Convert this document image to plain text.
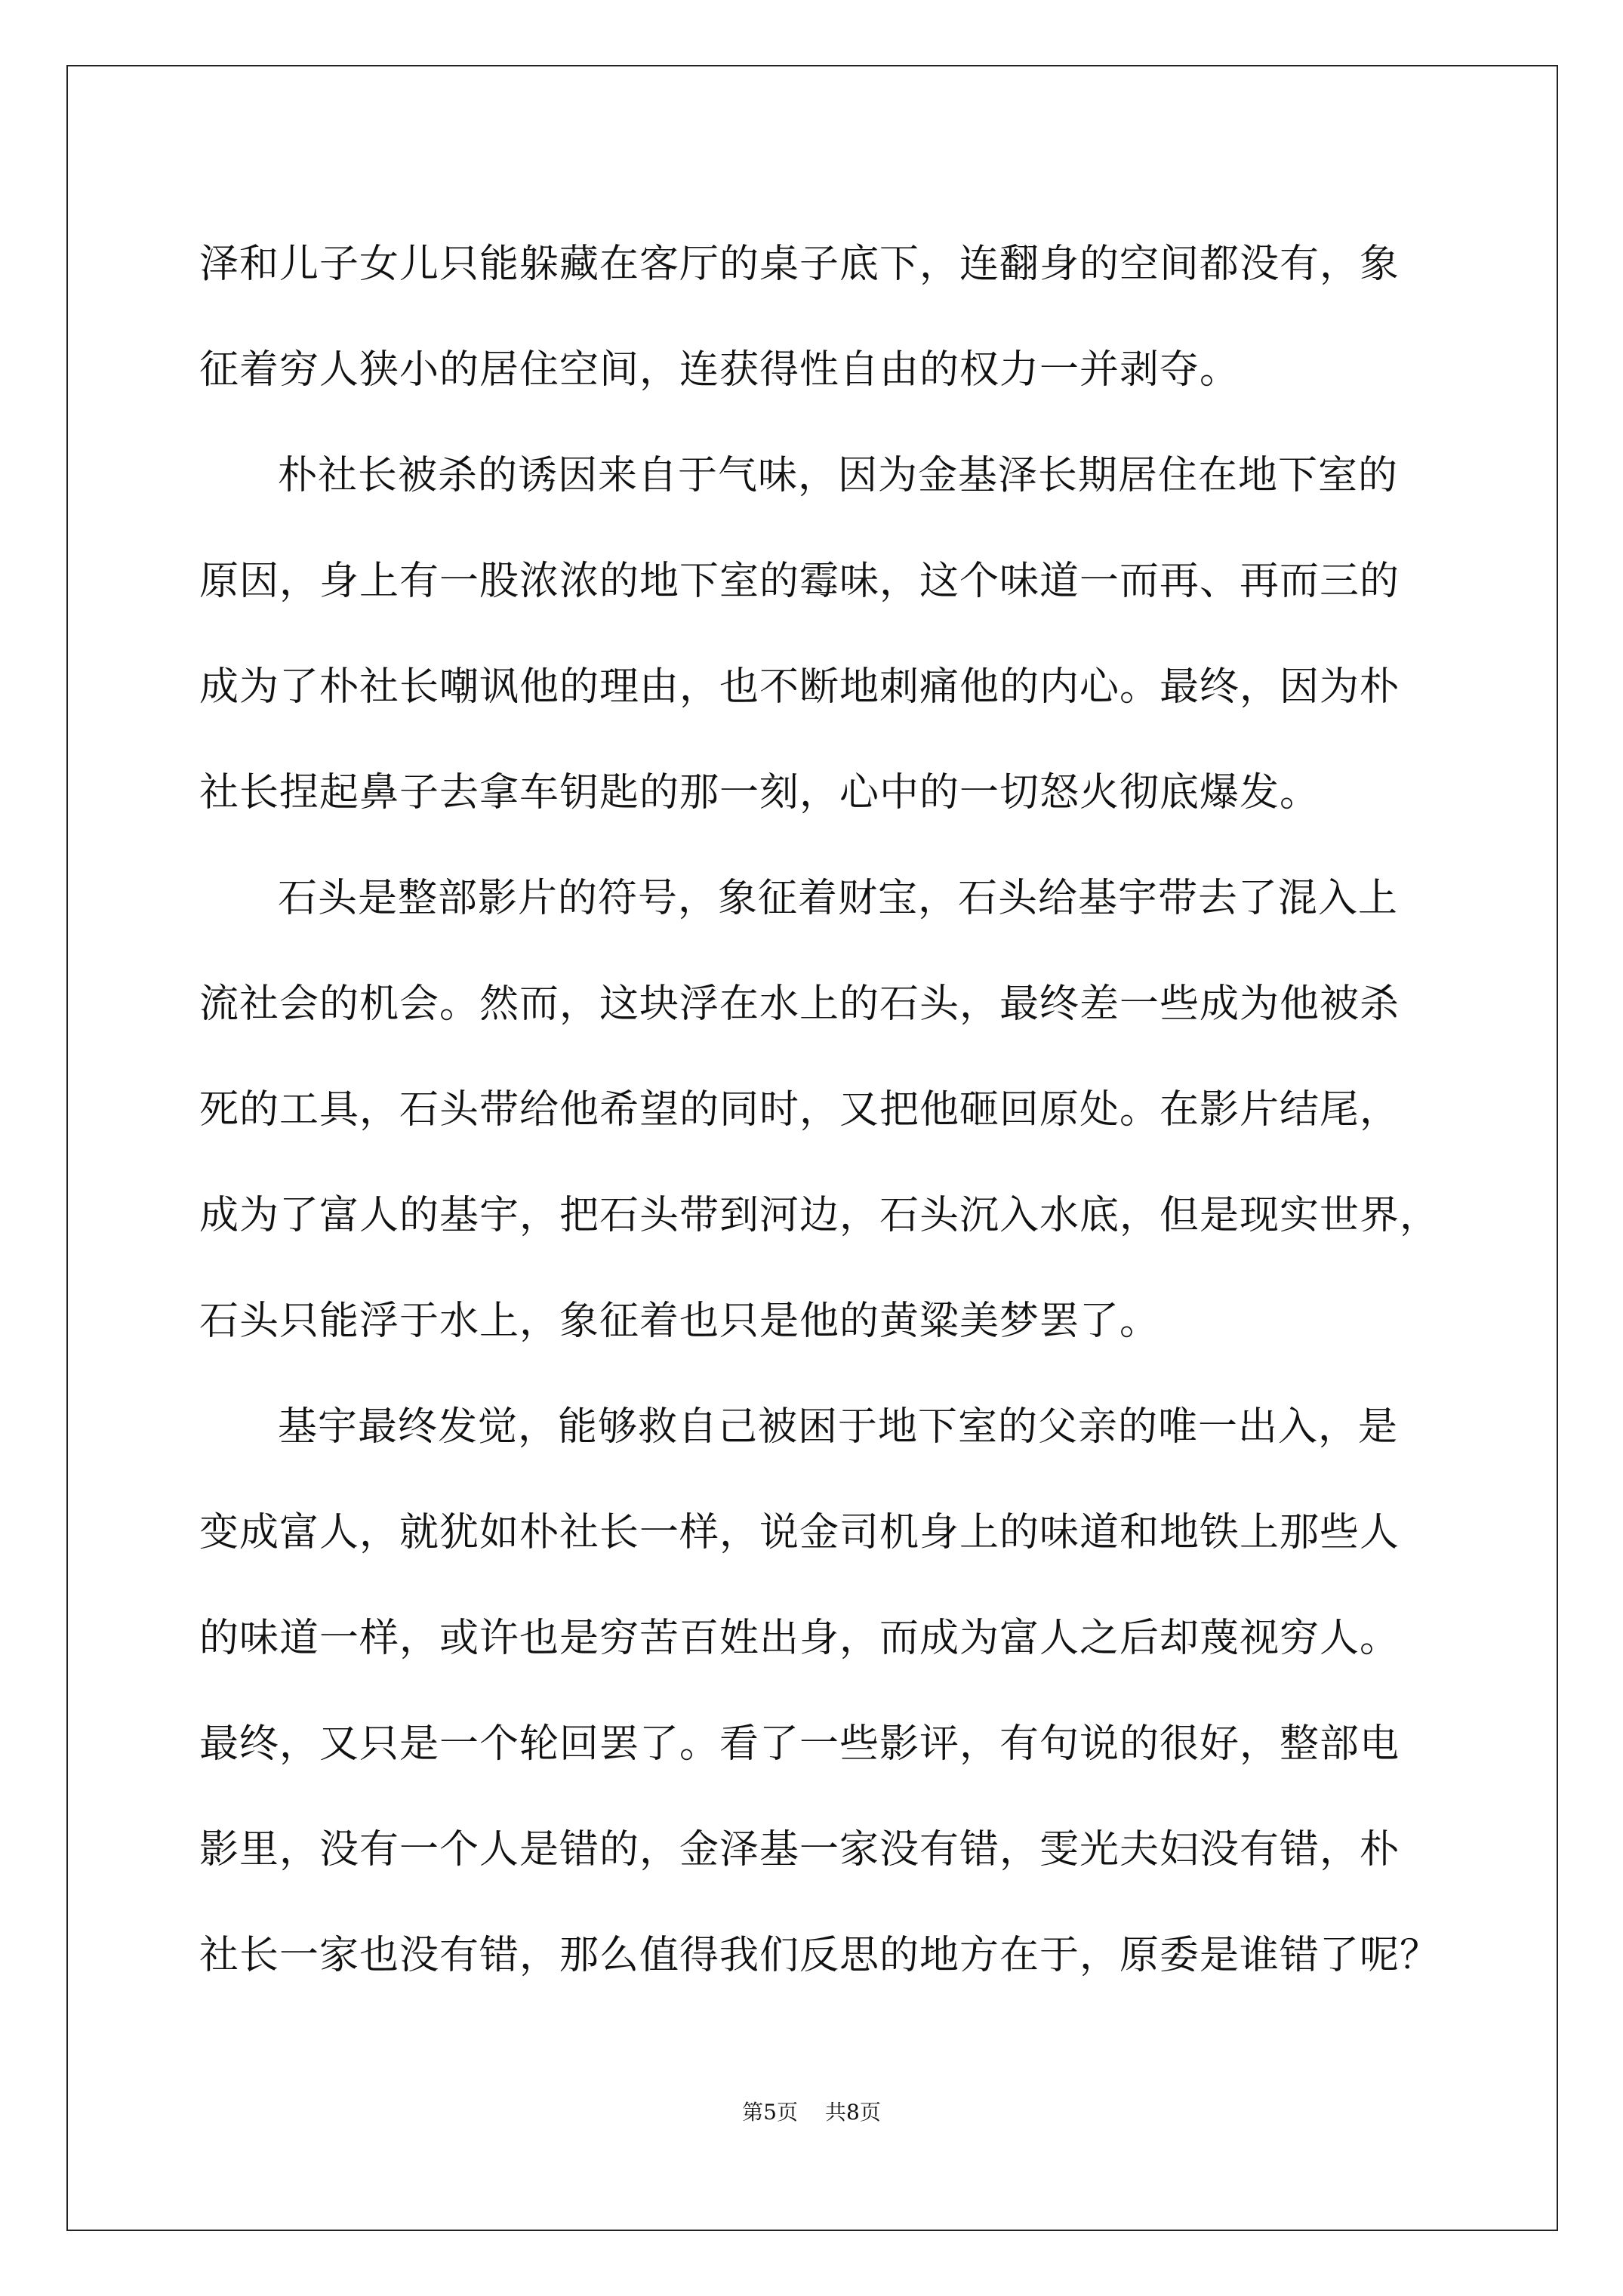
泽和儿子女儿只能躲藏在客厅的桌子底下，连翻身的空间都没有，象
征着穷人狭小的居住空间，连获得性自由的权力一并剥夺。
朴社长被杀的诱因来自于气味，因为金基泽长期居住在地下室的
原因，身上有一股浓浓的地下室的霉味，这个味道一而再、再而三的
成为了朴社长嘲讽他的理由，也不断地刺痛他的内心。最终，因为朴
社长捏起鼻子去拿车钥匙的那一刻，心中的一切怒火彻底爆发。
石头是整部影片的符号，象征着财宝，石头给基宇带去了混入上
流社会的机会。然而，这块浮在水上的石头，最终差一些成为他被杀
死的工具，石头带给他希望的同时，又把他砸回原处。在影片结尾，
成为了富人的基宇，把石头带到河边，石头沉入水底，但是现实世界，
石头只能浮于水上，象征着也只是他的黄粱美梦罢了。
基宇最终发觉，能够救自己被困于地下室的父亲的唯一出入，是
变成富人，就犹如朴社长一样，说金司机身上的味道和地铁上那些人
的味道一样，或许也是穷苦百姓出身，而成为富人之后却蔑视穷人。
最终，又只是一个轮回罢了。看了一些影评，有句说的很好，整部电
影里，没有一个人是错的，金泽基一家没有错，雯光夫妇没有错，朴
社长一家也没有错，那么值得我们反思的地方在于，原委是谁错了呢？
第5页 共8页
